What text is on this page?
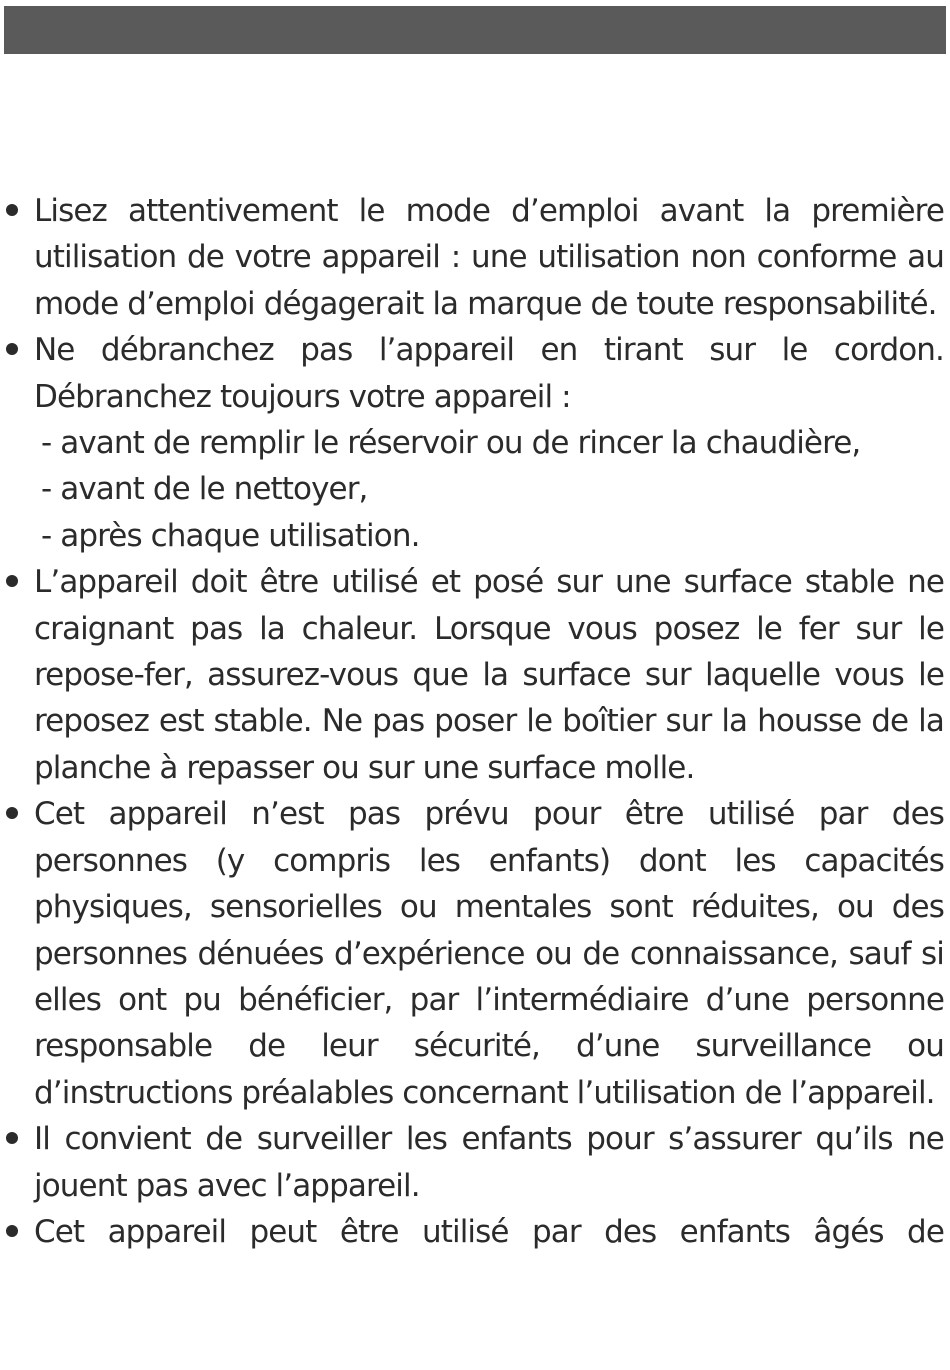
Lisez attentivement le mode d’emploi avant la première utilisation de votre appareil : une utilisation non conforme au mode d’emploi dégagerait la marque de toute responsabilité.

Ne débranchez pas l’appareil en tirant sur le cordon. Débranchez toujours votre appareil :

- avant de remplir le réservoir ou de rincer la chaudière,
- avant de le nettoyer,
- après chaque utilisation.

L’appareil doit être utilisé et posé sur une surface stable ne craignant pas la chaleur. Lorsque vous posez le fer sur le repose-fer, assurez-vous que la surface sur laquelle vous le reposez est stable. Ne pas poser le boîtier sur la housse de la planche à repasser ou sur une surface molle.

Cet appareil n’est pas prévu pour être utilisé par des personnes (y compris les enfants) dont les capacités physiques, sensorielles ou mentales sont réduites, ou des personnes dénuées d’expérience ou de connaissance, sauf si elles ont pu bénéficier, par l’intermédiaire d’une personne responsable de leur sécurité, d’une surveillance ou d’instructions préalables concernant l’utilisation de l’appareil.

Il convient de surveiller les enfants pour s’assurer qu’ils ne jouent pas avec l’appareil.

Cet appareil peut être utilisé par des enfants âgés de
